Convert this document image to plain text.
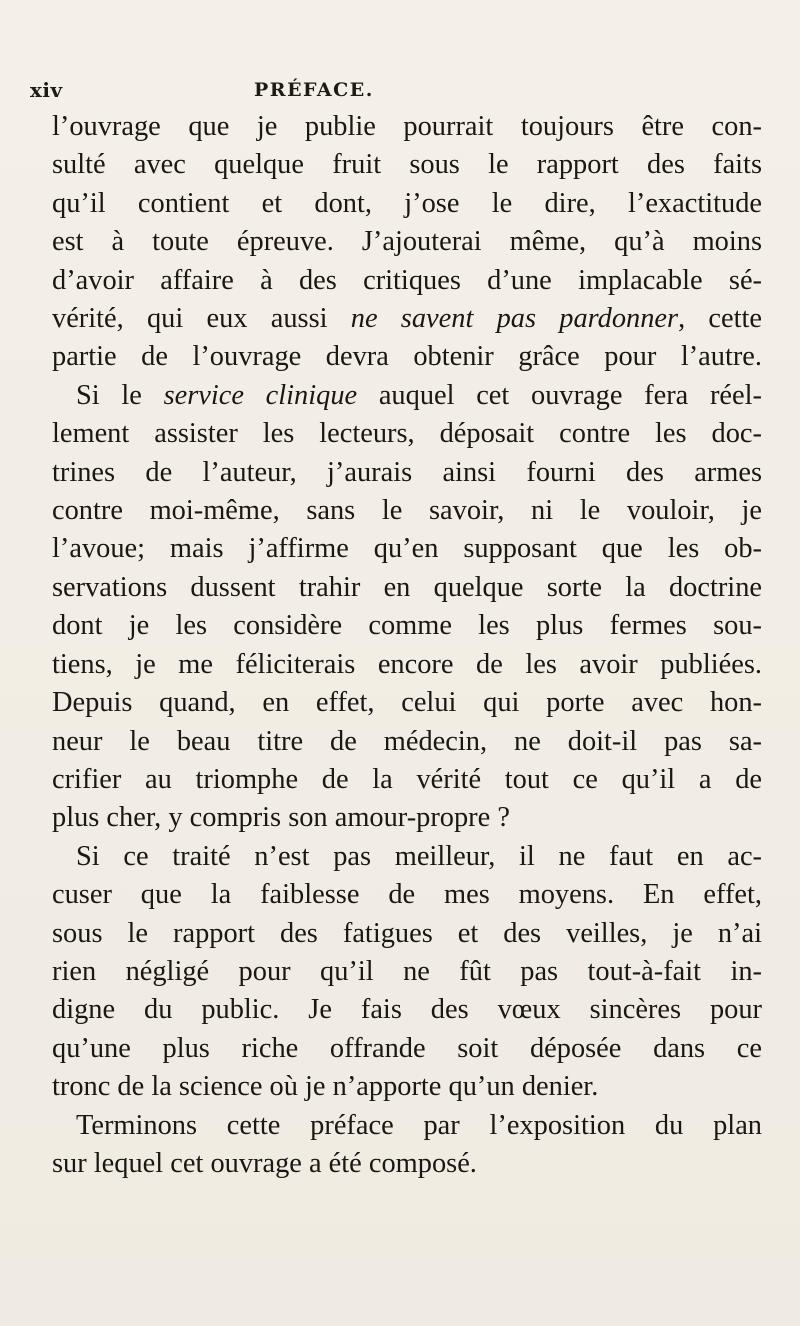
xiv	PRÉFACE.
l’ouvrage que je publie pourrait toujours être con-
sulté avec quelque fruit sous le rapport des faits
qu’il contient et dont, j’ose le dire, l’exactitude
est à toute épreuve. J’ajouterai même, qu’à moins
d’avoir affaire à des critiques d’une implacable sé-
vérité, qui eux aussi ne savent pas pardonner, cette
partie de l’ouvrage devra obtenir grâce pour l’autre.
Si le service clinique auquel cet ouvrage fera réel-
lement assister les lecteurs, déposait contre les doc-
trines de l’auteur, j’aurais ainsi fourni des armes
contre moi-même, sans le savoir, ni le vouloir, je
l’avoue; mais j’affirme qu’en supposant que les ob-
servations dussent trahir en quelque sorte la doctrine
dont je les considère comme les plus fermes sou-
tiens, je me féliciterais encore de les avoir publiées.
Depuis quand, en effet, celui qui porte avec hon-
neur le beau titre de médecin, ne doit-il pas sa-
crifier au triomphe de la vérité tout ce qu’il a de
plus cher, y compris son amour-propre ?
Si ce traité n’est pas meilleur, il ne faut en ac-
cuser que la faiblesse de mes moyens. En effet,
sous le rapport des fatigues et des veilles, je n’ai
rien négligé pour qu’il ne fût pas tout-à-fait in-
digne du public. Je fais des vœux sincères pour
qu’une plus riche offrande soit déposée dans ce
tronc de la science où je n’apporte qu’un denier.
Terminons cette préface par l’exposition du plan
sur lequel cet ouvrage a été composé.
